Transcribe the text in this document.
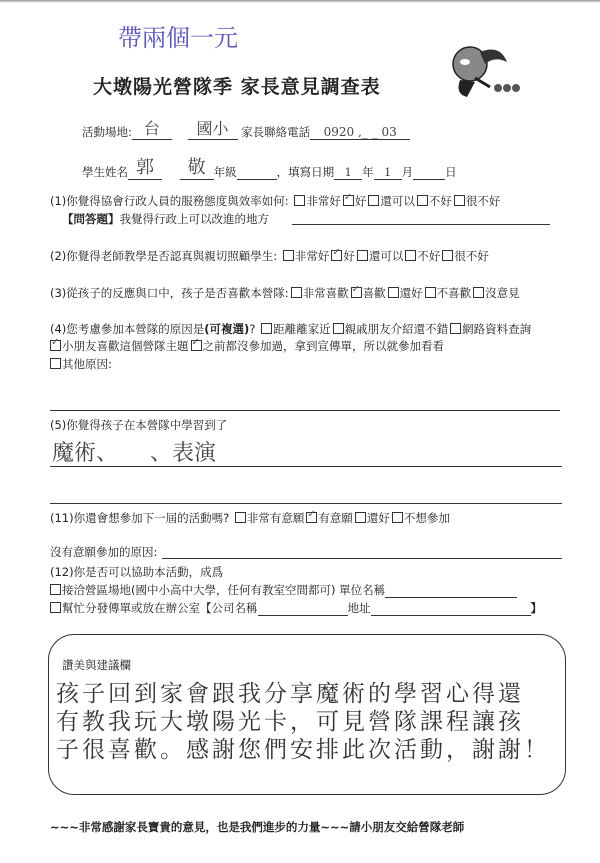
帶兩個一元
大墩陽光營隊季 家長意見調查表
活動場地: 台 國小 家長聯絡電話 0920 ,_ _ 03
學生姓名 郭 敬 年級	，填寫日期 1 年 1 月	日
(1)你覺得協會行政人員的服務態度與效率如何: 非常好 ✓ 好 還可以 不好 很不好
【問答題】我覺得行政上可以改進的地方
(2)你覺得老師教學是否認真與親切照顧學生: 非常好 ✓ 好 還可以 不好 很不好
(3)從孩子的反應與口中，孩子是否喜歡本營隊: 非常喜歡 ✓ 喜歡 還好 不喜歡 沒意見
(4)您考慮參加本營隊的原因是(可複選)? 距離離家近 親戚朋友介紹還不錯 網路資料查詢
✓小朋友喜歡這個營隊主題 ✓ 之前都沒參加過，拿到宣傳單，所以就參加看看
其他原因:
(5)你覺得孩子在本營隊中學習到了
魔術、 、表演
(11)你還會想參加下一屆的活動嗎? 非常有意願 ✓ 有意願 還好 不想參加
沒有意願參加的原因:
(12)你是否可以協助本活動，成爲
接洽營區場地(國中小高中大學，任何有教室空間都可) 單位名稱
幫忙分發傳單或放在辦公室【公司名稱	地址	】
讚美與建議欄
孩子回到家會跟我分享魔術的學習心得還
有教我玩大墩陽光卡，可見營隊課程讓孩
子很喜歡。感謝您們安排此次活動，謝謝！
~~~非常感謝家長寶貴的意見，也是我們進步的力量~~~請小朋友交給營隊老師
